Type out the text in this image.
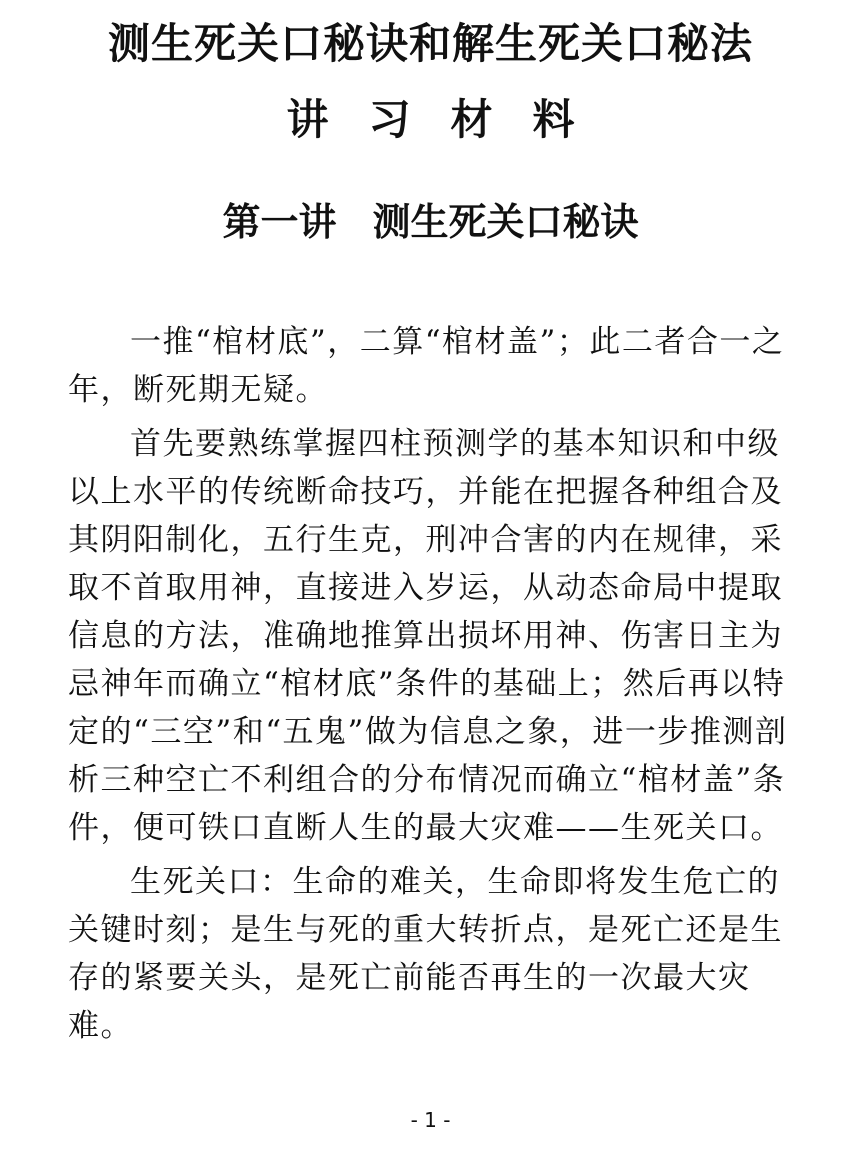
测生死关口秘诀和解生死关口秘法
讲习材料
第一讲 测生死关口秘诀

一推“棺材底”，二算“棺材盖”；此二者合一之年，断死期无疑。

首先要熟练掌握四柱预测学的基本知识和中级以上水平的传统断命技巧，并能在把握各种组合及其阴阳制化，五行生克，刑冲合害的内在规律，采取不首取用神，直接进入岁运，从动态命局中提取信息的方法，准确地推算出损坏用神、伤害日主为忌神年而确立“棺材底”条件的基础上；然后再以特定的“三空”和“五鬼”做为信息之象，进一步推测剖析三种空亡不利组合的分布情况而确立“棺材盖”条件，便可铁口直断人生的最大灾难——生死关口。

生死关口：生命的难关，生命即将发生危亡的关键时刻；是生与死的重大转折点，是死亡还是生存的紧要关头，是死亡前能否再生的一次最大灾难。

- 1 -
